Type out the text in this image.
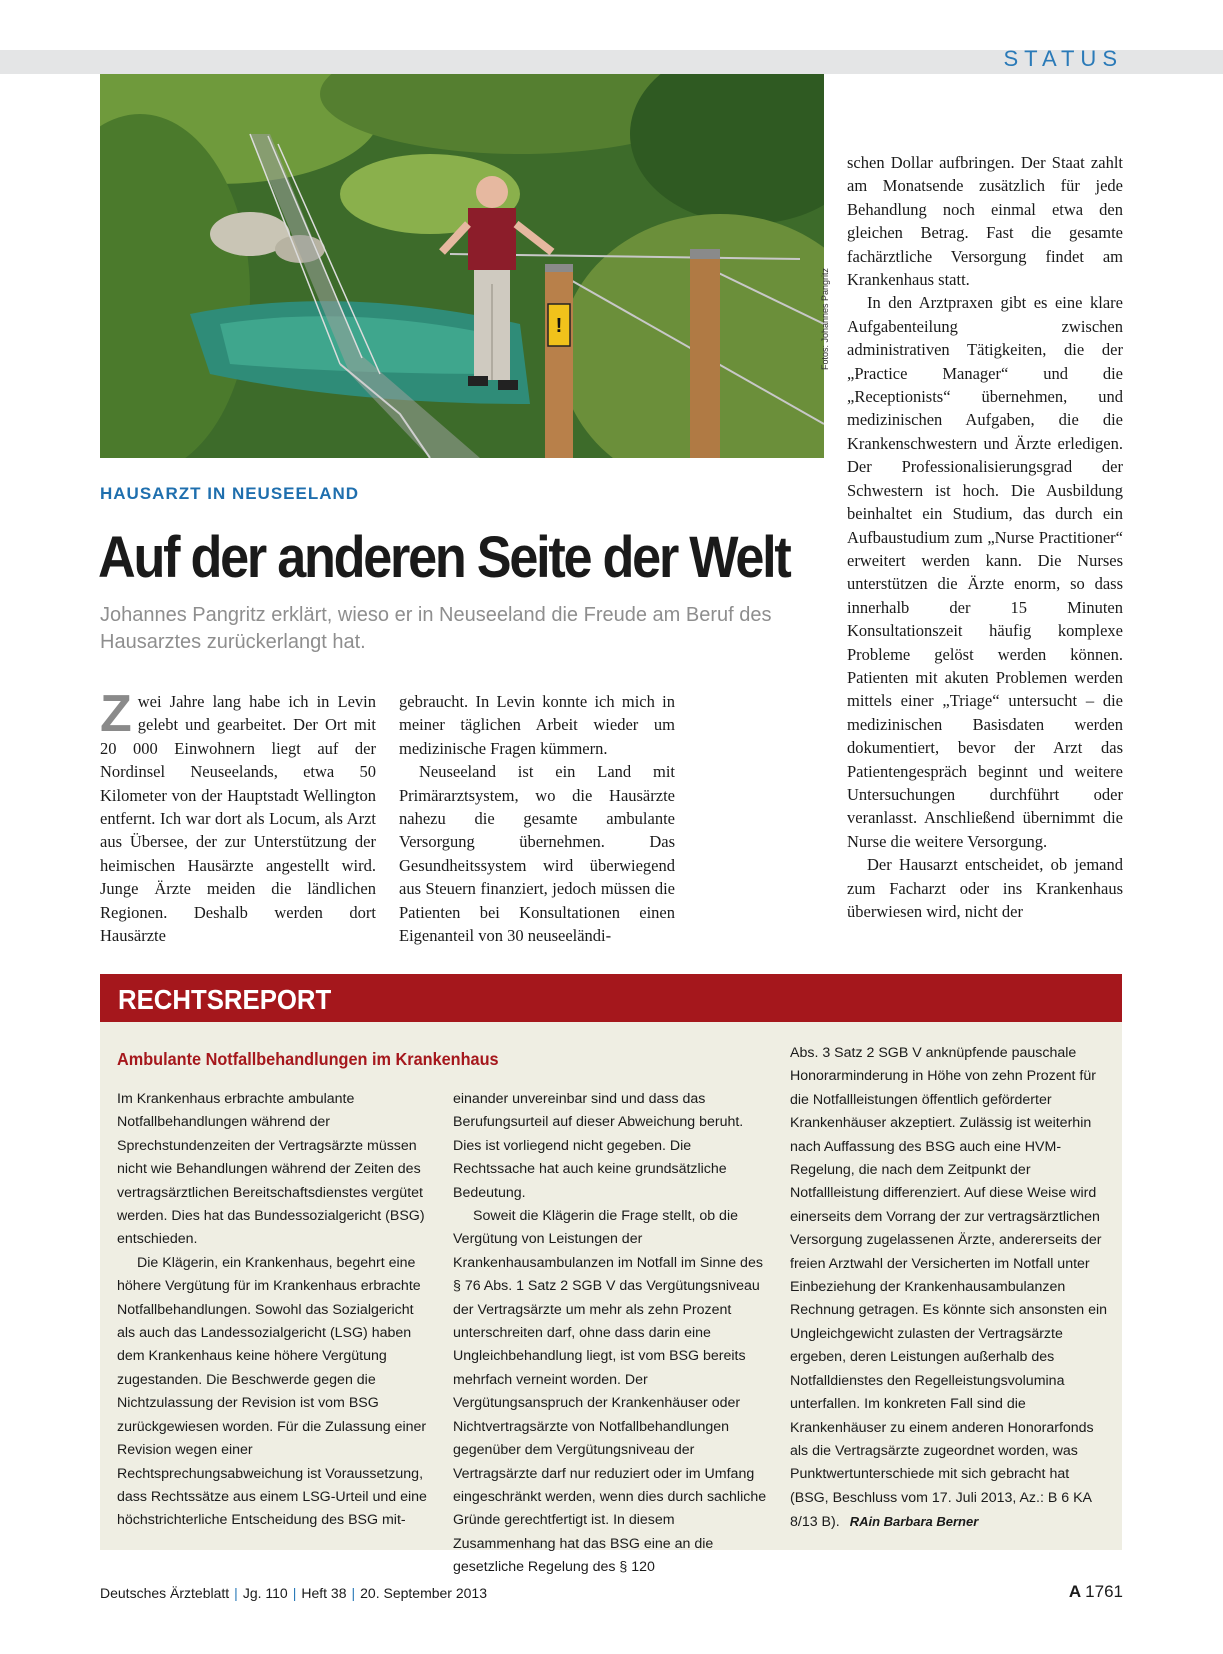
STATUS
!	Fotos: Johannes Pangritz
HAUSARZT IN NEUSEELAND
Auf der anderen Seite der Welt
Johannes Pangritz erklärt, wieso er in Neuseeland die Freude am Beruf des Hausarztes zurückerlangt hat.

Zwei Jahre lang habe ich in Levin gelebt und gearbeitet. Der Ort mit 20 000 Einwohnern liegt auf der Nordinsel Neuseelands, etwa 50 Kilometer von der Hauptstadt Wellington entfernt. Ich war dort als Locum, als Arzt aus Übersee, der zur Unterstützung der heimischen Hausärzte angestellt wird. Junge Ärzte meiden die ländlichen Regionen. Deshalb werden dort Hausärzte

gebraucht. In Levin konnte ich mich in meiner täglichen Arbeit wieder um medizinische Fragen kümmern.

Neuseeland ist ein Land mit Primärarztsystem, wo die Hausärzte nahezu die gesamte ambulante Versorgung übernehmen. Das Gesundheitssystem wird überwiegend aus Steuern finanziert, jedoch müssen die Patienten bei Konsultationen einen Eigenanteil von 30 neuseeländi-

schen Dollar aufbringen. Der Staat zahlt am Monatsende zusätzlich für jede Behandlung noch einmal etwa den gleichen Betrag. Fast die gesamte fachärztliche Versorgung findet am Krankenhaus statt.

In den Arztpraxen gibt es eine klare Aufgabenteilung zwischen administrativen Tätigkeiten, die der „Practice Manager“ und die „Receptionists“ übernehmen, und medizinischen Aufgaben, die die Krankenschwestern und Ärzte erledigen. Der Professionalisierungsgrad der Schwestern ist hoch. Die Ausbildung beinhaltet ein Studium, das durch ein Aufbaustudium zum „Nurse Practitioner“ erweitert werden kann. Die Nurses unterstützen die Ärzte enorm, so dass innerhalb der 15 Minuten Konsultationszeit häufig komplexe Probleme gelöst werden können. Patienten mit akuten Problemen werden mittels einer „Triage“ untersucht – die medizinischen Basisdaten werden dokumentiert, bevor der Arzt das Patientengespräch beginnt und weitere Untersuchungen durchführt oder veranlasst. Anschließend übernimmt die Nurse die weitere Versorgung.

Der Hausarzt entscheidet, ob jemand zum Facharzt oder ins Krankenhaus überwiesen wird, nicht der

RECHTSREPORT
Ambulante Notfallbehandlungen im Krankenhaus

Im Krankenhaus erbrachte ambulante Notfallbehandlungen während der Sprechstundenzeiten der Vertragsärzte müssen nicht wie Behandlungen während der Zeiten des vertragsärztlichen Bereitschaftsdienstes vergütet werden. Dies hat das Bundessozialgericht (BSG) entschieden.

Die Klägerin, ein Krankenhaus, begehrt eine höhere Vergütung für im Krankenhaus erbrachte Notfallbehandlungen. Sowohl das Sozialgericht als auch das Landessozialgericht (LSG) haben dem Krankenhaus keine höhere Vergütung zugestanden. Die Beschwerde gegen die Nichtzulassung der Revision ist vom BSG zurückgewiesen worden. Für die Zulassung einer Revision wegen einer Rechtsprechungsabweichung ist Voraussetzung, dass Rechtssätze aus einem LSG-Urteil und eine höchstrichterliche Entscheidung des BSG mit-

einander unvereinbar sind und dass das Berufungsurteil auf dieser Abweichung beruht. Dies ist vorliegend nicht gegeben. Die Rechtssache hat auch keine grundsätzliche Bedeutung.

Soweit die Klägerin die Frage stellt, ob die Vergütung von Leistungen der Krankenhausambulanzen im Notfall im Sinne des § 76 Abs. 1 Satz 2 SGB V das Vergütungsniveau der Vertragsärzte um mehr als zehn Prozent unterschreiten darf, ohne dass darin eine Ungleichbehandlung liegt, ist vom BSG bereits mehrfach verneint worden. Der Vergütungsanspruch der Krankenhäuser oder Nichtvertragsärzte von Notfallbehandlungen gegenüber dem Vergütungsniveau der Vertragsärzte darf nur reduziert oder im Umfang eingeschränkt werden, wenn dies durch sachliche Gründe gerechtfertigt ist. In diesem Zusammenhang hat das BSG eine an die gesetzliche Regelung des § 120

Abs. 3 Satz 2 SGB V anknüpfende pauschale Honorarminderung in Höhe von zehn Prozent für die Notfallleistungen öffentlich geförderter Krankenhäuser akzeptiert. Zulässig ist weiterhin nach Auffassung des BSG auch eine HVM-Regelung, die nach dem Zeitpunkt der Notfallleistung differenziert. Auf diese Weise wird einerseits dem Vorrang der zur vertragsärztlichen Versorgung zugelassenen Ärzte, andererseits der freien Arztwahl der Versicherten im Notfall unter Einbeziehung der Krankenhausambulanzen Rechnung getragen. Es könnte sich ansonsten ein Ungleichgewicht zulasten der Vertragsärzte ergeben, deren Leistungen außerhalb des Notfalldienstes den Regelleistungsvolumina unterfallen. Im konkreten Fall sind die Krankenhäuser zu einem anderen Honorarfonds als die Vertragsärzte zugeordnet worden, was Punktwertunterschiede mit sich gebracht hat (BSG, Beschluss vom 17. Juli 2013, Az.: B 6 KA 8/13 B). RAin Barbara Berner

Deutsches Ärzteblatt | Jg. 110 | Heft 38 | 20. September 2013	A 1761
